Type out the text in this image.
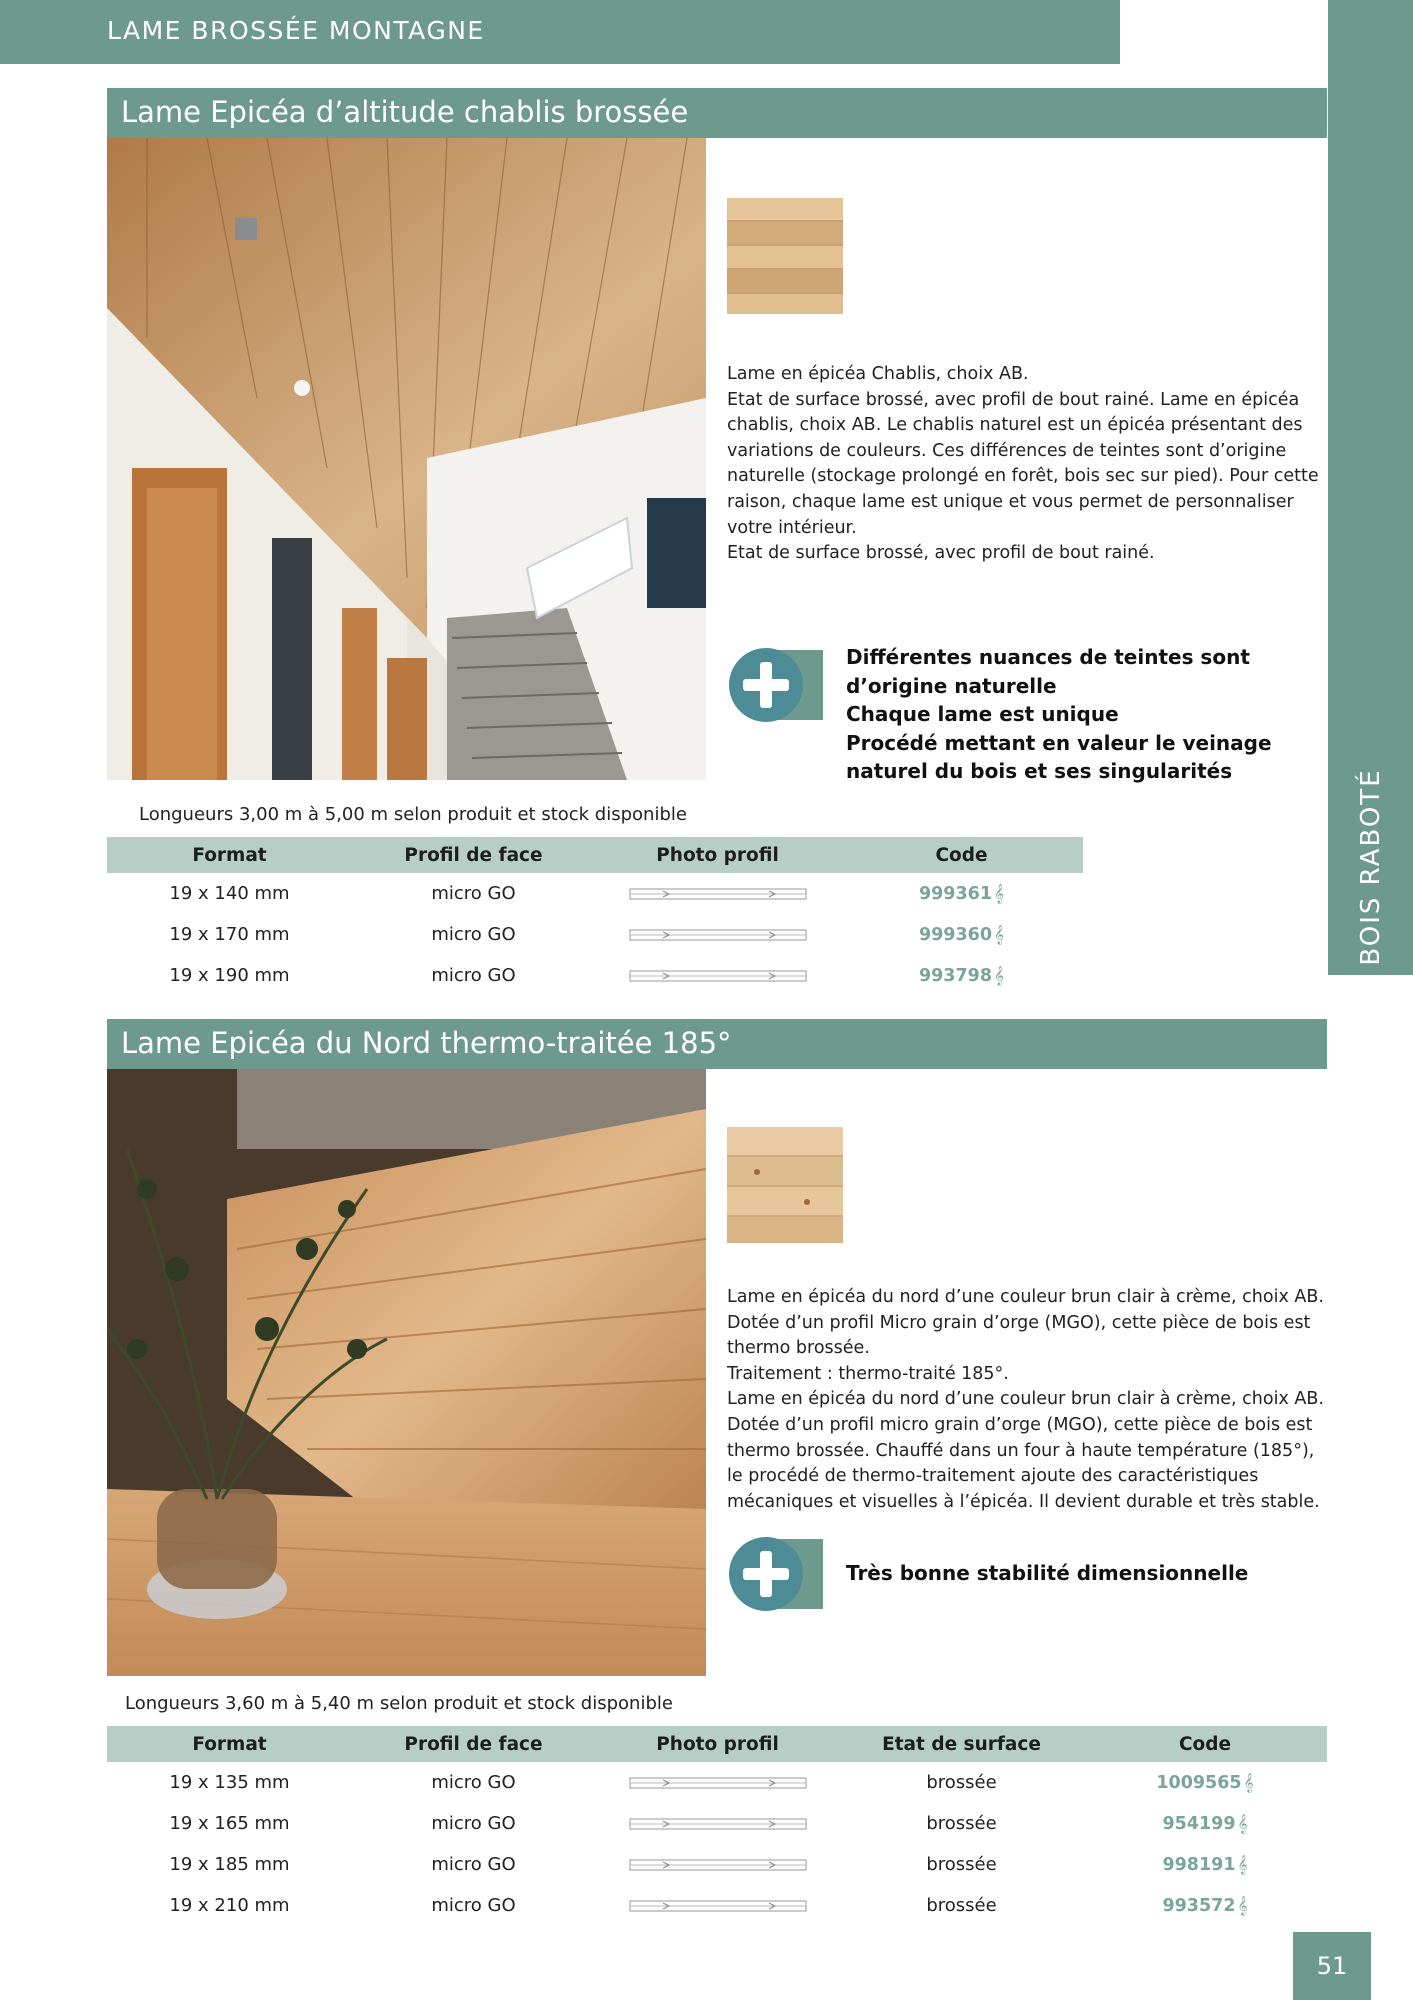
LAME BROSSÉE MONTAGNE
BOIS RABOTÉ
Lame Epicéa d’altitude chablis brossée

Lame en épicéa Chablis, choix AB.

Etat de surface brossé, avec profil de bout rainé. Lame en épicéa chablis, choix AB. Le chablis naturel est un épicéa présentant des variations de couleurs. Ces différences de teintes sont d’origine naturelle (stockage prolongé en forêt, bois sec sur pied). Pour cette raison, chaque lame est unique et vous permet de personnaliser votre intérieur.

Etat de surface brossé, avec profil de bout rainé.

Différentes nuances de teintes sont
d’origine naturelle
Chaque lame est unique
Procédé mettant en valeur le veinage
naturel du bois et ses singularités
Longueurs 3,00 m à 5,00 m selon produit et stock disponible
Format	Profil de face	Photo profil	Code
19 x 140 mm	micro GO		999361 𝄞
19 x 170 mm	micro GO		999360 𝄞
19 x 190 mm	micro GO		993798 𝄞
Lame Epicéa du Nord thermo-traitée 185°

Lame en épicéa du nord d’une couleur brun clair à crème, choix AB. Dotée d’un profil Micro grain d’orge (MGO), cette pièce de bois est thermo brossée.

Traitement : thermo-traité 185°.

Lame en épicéa du nord d’une couleur brun clair à crème, choix AB. Dotée d’un profil micro grain d’orge (MGO), cette pièce de bois est thermo brossée. Chauffé dans un four à haute température (185°), le procédé de thermo-traitement ajoute des caractéristiques mécaniques et visuelles à l’épicéa. Il devient durable et très stable.

Très bonne stabilité dimensionnelle
Longueurs 3,60 m à 5,40 m selon produit et stock disponible
Format	Profil de face	Photo profil	Etat de surface	Code
19 x 135 mm	micro GO		brossée	1009565 𝄞
19 x 165 mm	micro GO		brossée	954199 𝄞
19 x 185 mm	micro GO		brossée	998191 𝄞
19 x 210 mm	micro GO		brossée	993572 𝄞
51
